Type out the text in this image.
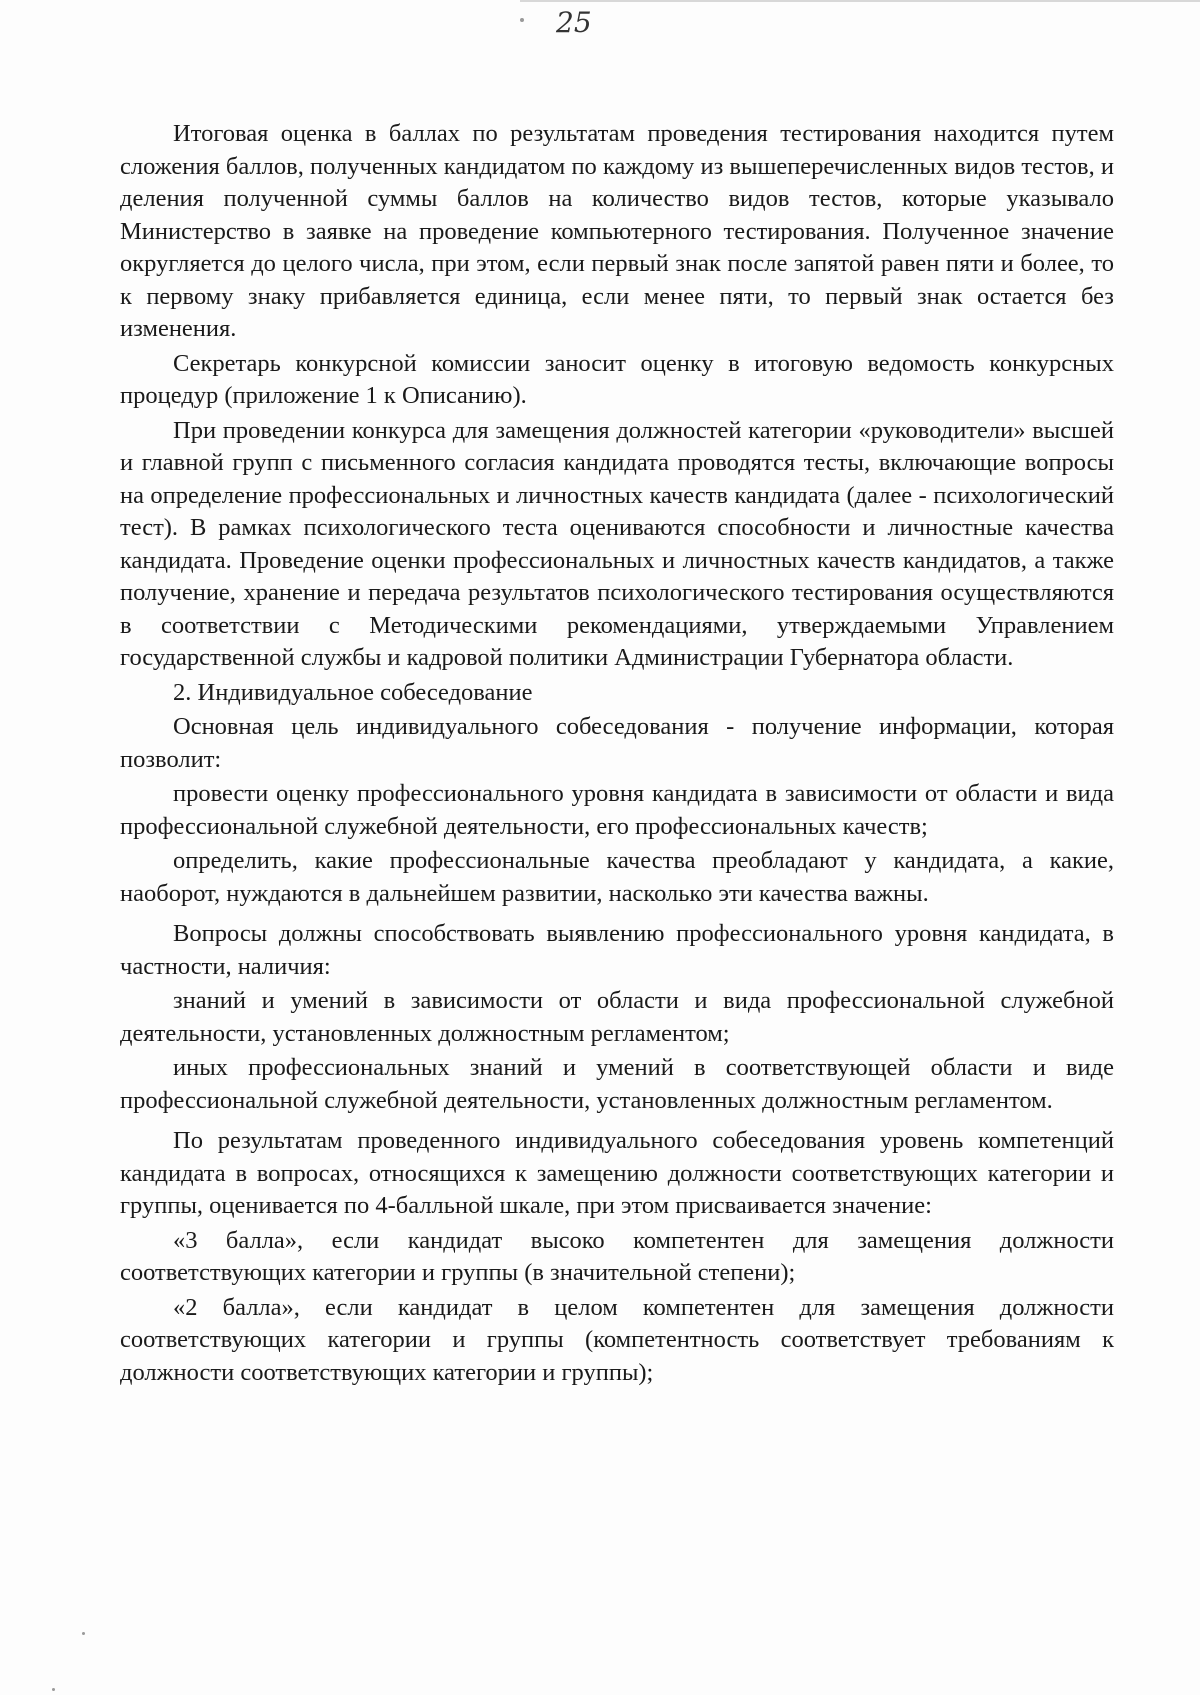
25

Итоговая оценка в баллах по результатам проведения тестирования находится путем сложения баллов, полученных кандидатом по каждому из вышеперечисленных видов тестов, и деления полученной суммы баллов на количество видов тестов, которые указывало Министерство в заявке на проведение компьютерного тестирования. Полученное значение округляется до целого числа, при этом, если первый знак после запятой равен пяти и более, то к первому знаку прибавляется единица, если менее пяти, то первый знак остается без изменения.

Секретарь конкурсной комиссии заносит оценку в итоговую ведомость конкурсных процедур (приложение 1 к Описанию).

При проведении конкурса для замещения должностей категории «руководители» высшей и главной групп с письменного согласия кандидата проводятся тесты, включающие вопросы на определение профессиональных и личностных качеств кандидата (далее - психологический тест). В рамках психологического теста оцениваются способности и личностные качества кандидата. Проведение оценки профессиональных и личностных качеств кандидатов, а также получение, хранение и передача результатов психологического тестирования осуществляются в соответствии с Методическими рекомендациями, утверждаемыми Управлением государственной службы и кадровой политики Администрации Губернатора области.

2. Индивидуальное собеседование

Основная цель индивидуального собеседования - получение информации, которая позволит:

провести оценку профессионального уровня кандидата в зависимости от области и вида профессиональной служебной деятельности, его профессиональных качеств;

определить, какие профессиональные качества преобладают у кандидата, а какие, наоборот, нуждаются в дальнейшем развитии, насколько эти качества важны.

Вопросы должны способствовать выявлению профессионального уровня кандидата, в частности, наличия:

знаний и умений в зависимости от области и вида профессиональной служебной деятельности, установленных должностным регламентом;

иных профессиональных знаний и умений в соответствующей области и виде профессиональной служебной деятельности, установленных должностным регламентом.

По результатам проведенного индивидуального собеседования уровень компетенций кандидата в вопросах, относящихся к замещению должности соответствующих категории и группы, оценивается по 4-балльной шкале, при этом присваивается значение:

«3 балла», если кандидат высоко компетентен для замещения должности соответствующих категории и группы (в значительной степени);

«2 балла», если кандидат в целом компетентен для замещения должности соответствующих категории и группы (компетентность соответствует требованиям к должности соответствующих категории и группы);
